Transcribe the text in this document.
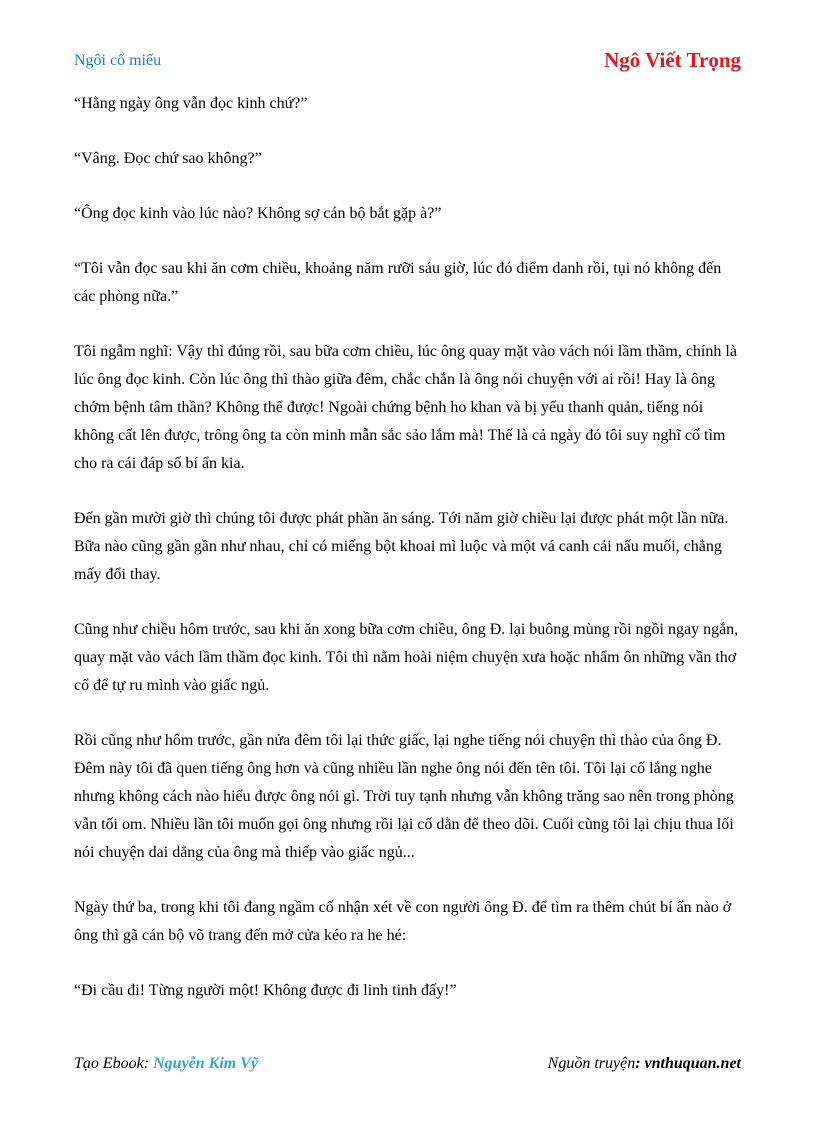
Ngôi cổ miếu	Ngô Viết Trọng

“Hằng ngày ông vẫn đọc kinh chứ?”

“Vâng. Đọc chứ sao không?”

“Ông đọc kinh vào lúc nào? Không sợ cán bộ bắt gặp à?”

“Tôi vẫn đọc sau khi ăn cơm chiều, khoảng năm rưỡi sáu giờ, lúc đó điểm danh rồi, tụi nó không đến các phòng nữa.”

Tôi ngẫm nghĩ: Vậy thì đúng rồi, sau bữa cơm chiều, lúc ông quay mặt vào vách nói lầm thầm, chính là lúc ông đọc kinh. Còn lúc ông thì thào giữa đêm, chắc chắn là ông nói chuyện với ai rồi! Hay là ông chớm bệnh tâm thần? Không thể được! Ngoài chứng bệnh ho khan và bị yếu thanh quản, tiếng nói không cất lên được, trông ông ta còn minh mẫn sắc sảo lắm mà! Thế là cả ngày đó tôi suy nghĩ cố tìm cho ra cái đáp số bí ẩn kia.

Đến gần mười giờ thì chúng tôi được phát phần ăn sáng. Tới năm giờ chiều lại được phát một lần nữa. Bữa nào cũng gần gần như nhau, chỉ có miếng bột khoai mì luộc và một vá canh cải nấu muối, chẳng mấy đổi thay.

Cũng như chiều hôm trước, sau khi ăn xong bữa cơm chiều, ông Đ. lại buông mùng rồi ngồi ngay ngắn, quay mặt vào vách lầm thầm đọc kinh. Tôi thì nằm hoài niệm chuyện xưa hoặc nhẩm ôn những vần thơ cổ để tự ru mình vào giấc ngủ.

Rồi cũng như hôm trước, gần nửa đêm tôi lại thức giấc, lại nghe tiếng nói chuyện thì thào của ông Đ. Đêm này tôi đã quen tiếng ông hơn và cũng nhiều lần nghe ông nói đến tên tôi. Tôi lại cố lắng nghe nhưng không cách nào hiểu được ông nói gì. Trời tuy tạnh nhưng vẫn không trăng sao nên trong phòng vẫn tối om. Nhiều lần tôi muốn gọi ông nhưng rồi lại cố dằn để theo dõi. Cuối cùng tôi lại chịu thua lối nói chuyện dai dẳng của ông mà thiếp vào giấc ngủ...

Ngày thứ ba, trong khi tôi đang ngầm cố nhận xét về con người ông Đ. để tìm ra thêm chút bí ẩn nào ở ông thì gã cán bộ võ trang đến mở cửa kéo ra he hé:

“Đi cầu đi! Từng người một! Không được đi linh tinh đấy!”

Tạo Ebook: Nguyễn Kim Vỹ	Nguồn truyện: vnthuquan.net
